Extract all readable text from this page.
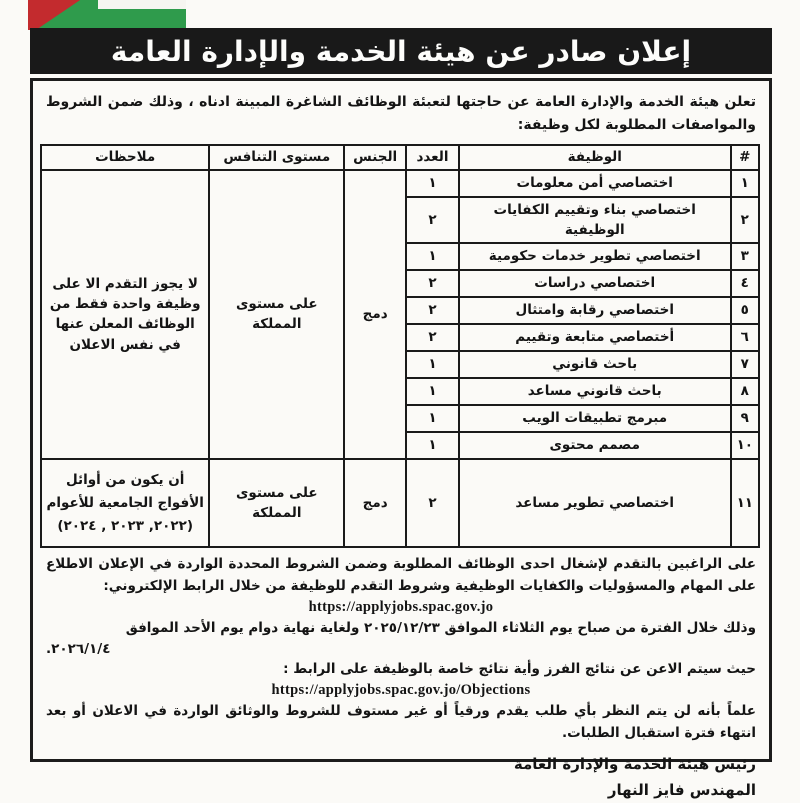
إعلان صادر عن هيئة الخدمة والإدارة العامة
تعلن هيئة الخدمة والإدارة العامة عن حاجتها لتعبئة الوظائف الشاغرة المبينة ادناه ، وذلك ضمن الشروط والمواصفات المطلوبة لكل وظيفة:
#	الوظيفة	العدد	الجنس	مستوى التنافس	ملاحظات
١	اختصاصي أمن معلومات	١	دمج	على مستوى المملكة	لا يجوز التقدم الا على وظيفة واحدة فقط من الوظائف المعلن عنها في نفس الاعلان
٢	اختصاصي بناء وتقييم الكفايات الوظيفية	٢			
٣	اختصاصي تطوير خدمات حكومية	١			
٤	اختصاصي دراسات	٢			
٥	اختصاصي رقابة وامتثال	٢			
٦	أختصاصي متابعة وتقييم	٢			
٧	باحث قانوني	١			
٨	باحث قانوني مساعد	١			
٩	مبرمج تطبيقات الويب	١			
١٠	مصمم محتوى	١			
١١	اختصاصي تطوير مساعد	٢	دمج	على مستوى المملكة	أن يكون من أوائل الأفواج الجامعية للأعوام (٢٠٢٢, ٢٠٢٣ , ٢٠٢٤)
على الراغبين بالتقدم لإشغال احدى الوظائف المطلوبة وضمن الشروط المحددة الواردة في الإعلان الاطلاع على المهام والمسؤوليات والكفايات الوظيفية وشروط التقدم للوظيفة من خلال الرابط الإلكتروني:
https://applyjobs.spac.gov.jo
وذلك خلال الفترة من صباح يوم الثلاثاء الموافق ٢٠٢٥/١٢/٢٣ ولغاية نهاية دوام يوم الأحد الموافق
٢٠٢٦/١/٤.
حيث سيتم الاعن عن نتائج الفرز وأية نتائج خاصة بالوظيفة على الرابط :
https://applyjobs.spac.gov.jo/Objections
علماً بأنه لن يتم النظر بأي طلب يقدم ورقياً أو غير مستوف للشروط والوثائق الواردة في الاعلان أو بعد انتهاء فترة استقبال الطلبات.
رئيس هيئة الخدمة والإدارة العامة
المهندس فايز النهار
